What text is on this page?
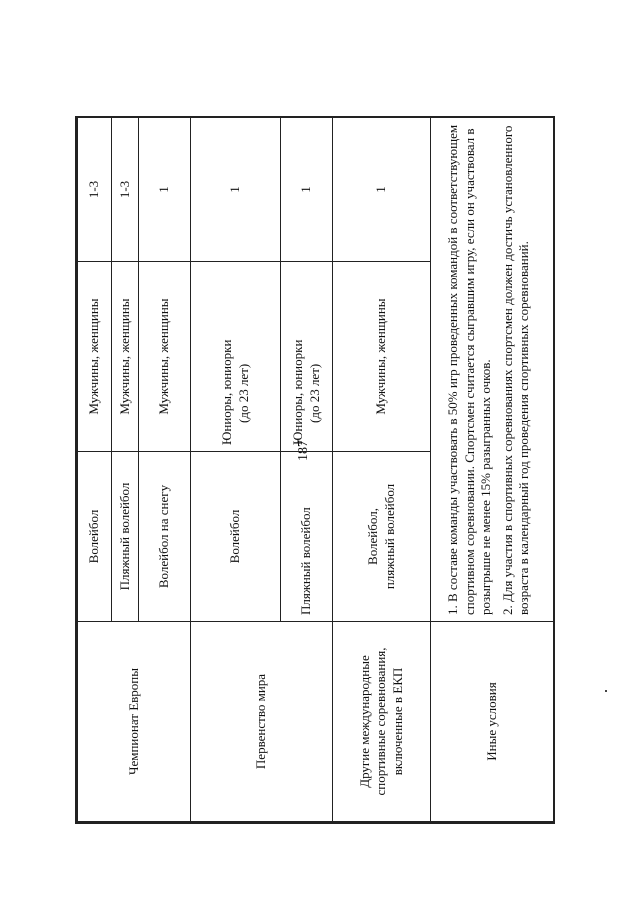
187
Чемпионат Европы	Волейбол	Мужчины, женщины	1-3
	Пляжный волейбол	Мужчины, женщины	1-3
	Волейбол на снегу	Мужчины, женщины	1
Первенство мира	Волейбол	Юниоры, юниорки (до 23 лет)	1
	Пляжный волейбол	Юниоры, юниорки (до 23 лет)	1
Другие международные спортивные соревнования, включенные в ЕКП	Волейбол, пляжный волейбол	Мужчины, женщины	1
Иные условия	1. В составе команды участвовать в 50% игр проведенных командой в соответствующем спортивном соревновании. Спортсмен считается сыгравшим игру, если он участвовал в розыгрыше не менее 15% разыгранных очков. 2. Для участия в спортивных соревнованиях спортсмен должен достичь установленного возраста в календарный год проведения спортивных соревнований.		
